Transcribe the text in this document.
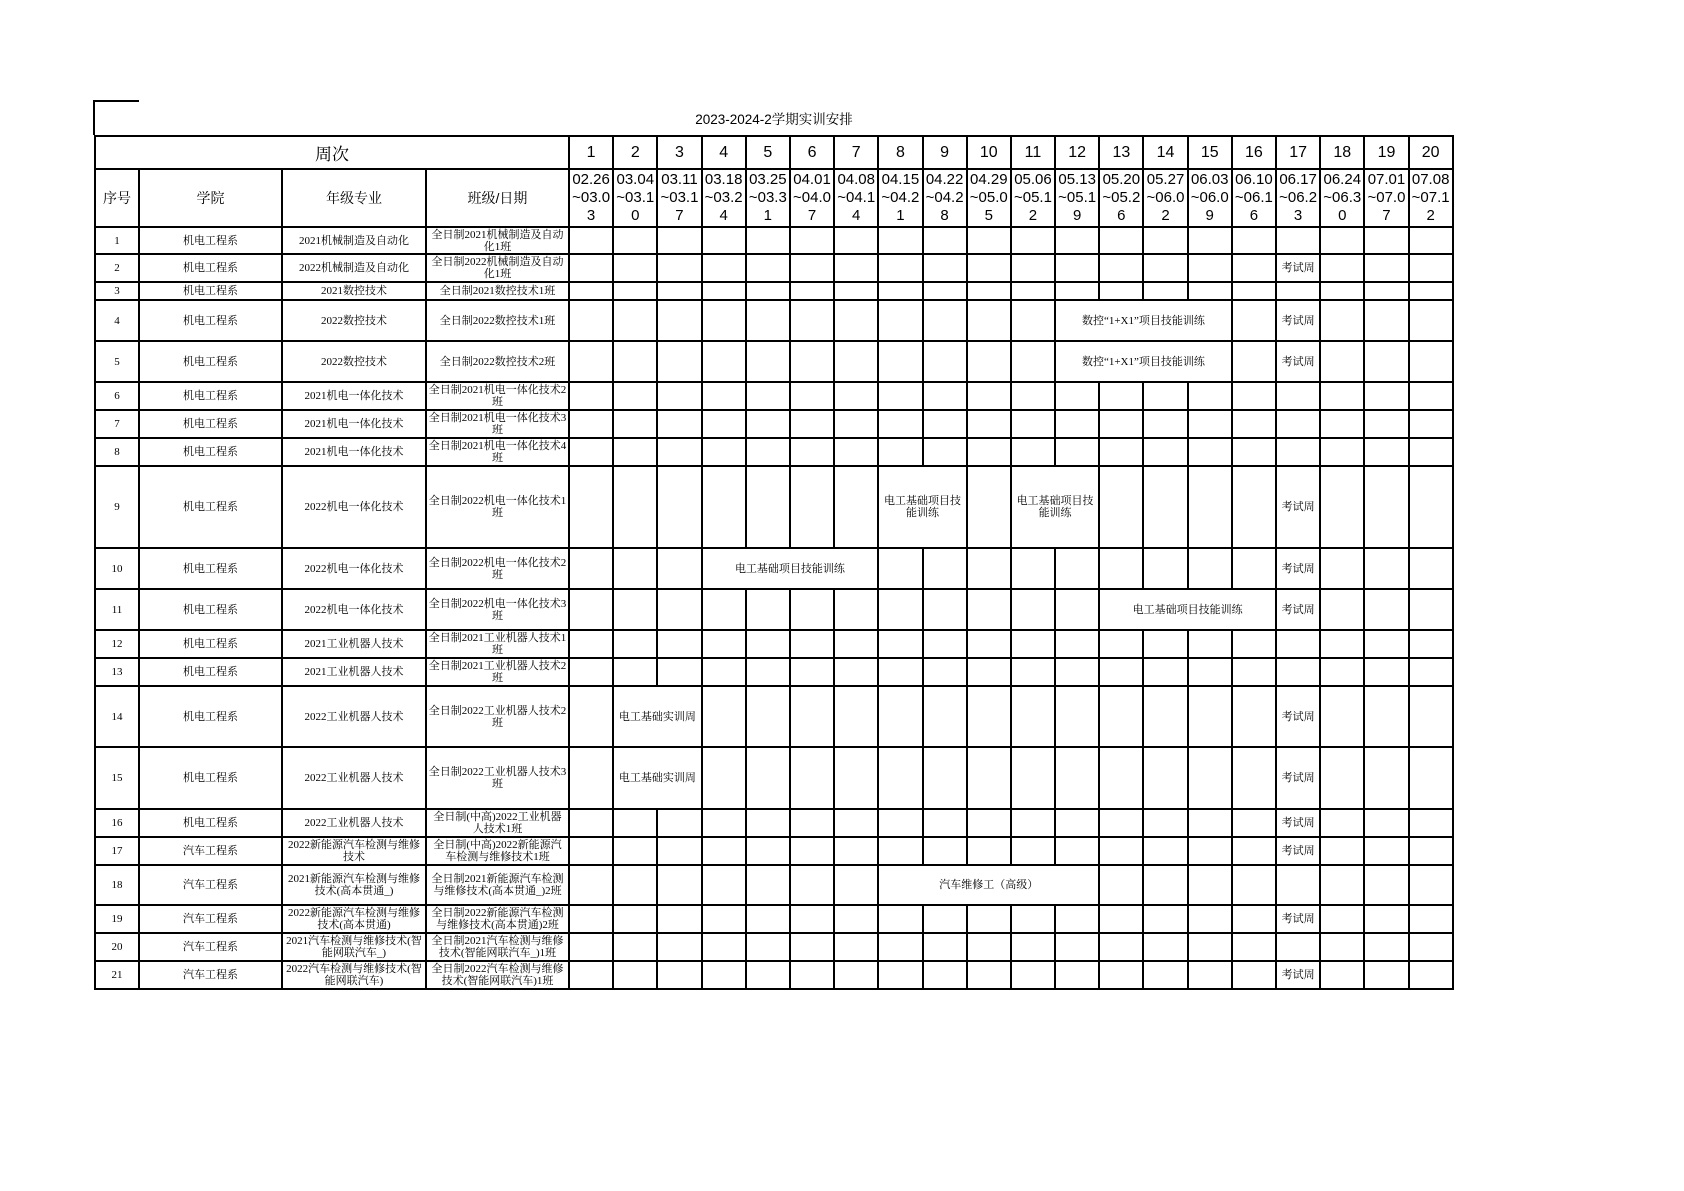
2023-2024-2学期实训安排
周次				1	2	3	4	5	6	7	8	9	10	11	12	13	14	15	16	17	18	19	20
序号	学院	年级专业	班级/日期	02.26~03.03	03.04~03.10	03.11~03.17	03.18~03.24	03.25~03.31	04.01~04.07	04.08~04.14	04.15~04.21	04.22~04.28	04.29~05.05	05.06~05.12	05.13~05.19	05.20~05.26	05.27~06.02	06.03~06.09	06.10~06.16	06.17~06.23	06.24~06.30	07.01~07.07	07.08~07.12
1	机电工程系	2021机械制造及自动化	全日制2021机械制造及自动化1班																				
2	机电工程系	2022机械制造及自动化	全日制2022机械制造及自动化1班																	考试周			
3	机电工程系	2021数控技术	全日制2021数控技术1班																				
4	机电工程系	2022数控技术	全日制2022数控技术1班												数控“1+X1”项目技能训练					考试周			
5	机电工程系	2022数控技术	全日制2022数控技术2班												数控“1+X1”项目技能训练					考试周			
6	机电工程系	2021机电一体化技术	全日制2021机电一体化技术2班																				
7	机电工程系	2021机电一体化技术	全日制2021机电一体化技术3班																				
8	机电工程系	2021机电一体化技术	全日制2021机电一体化技术4班																				
9	机电工程系	2022机电一体化技术	全日制2022机电一体化技术1班								电工基础项目技能训练			电工基础项目技能训练						考试周			
10	机电工程系	2022机电一体化技术	全日制2022机电一体化技术2班				电工基础项目技能训练													考试周			
11	机电工程系	2022机电一体化技术	全日制2022机电一体化技术3班													电工基础项目技能训练				考试周			
12	机电工程系	2021工业机器人技术	全日制2021工业机器人技术1班																				
13	机电工程系	2021工业机器人技术	全日制2021工业机器人技术2班																				
14	机电工程系	2022工业机器人技术	全日制2022工业机器人技术2班		电工基础实训周															考试周			
15	机电工程系	2022工业机器人技术	全日制2022工业机器人技术3班		电工基础实训周															考试周			
16	机电工程系	2022工业机器人技术	全日制(中高)2022工业机器人技术1班																	考试周			
17	汽车工程系	2022新能源汽车检测与维修技术	全日制(中高)2022新能源汽车检测与维修技术1班																	考试周			
18	汽车工程系	2021新能源汽车检测与维修技术(高本贯通_)	全日制2021新能源汽车检测与维修技术(高本贯通_)2班								汽车维修工（高级）												
19	汽车工程系	2022新能源汽车检测与维修技术(高本贯通)	全日制2022新能源汽车检测与维修技术(高本贯通)2班																	考试周			
20	汽车工程系	2021汽车检测与维修技术(智能网联汽车_)	全日制2021汽车检测与维修技术(智能网联汽车_)1班																				
21	汽车工程系	2022汽车检测与维修技术(智能网联汽车)	全日制2022汽车检测与维修技术(智能网联汽车)1班																	考试周			
